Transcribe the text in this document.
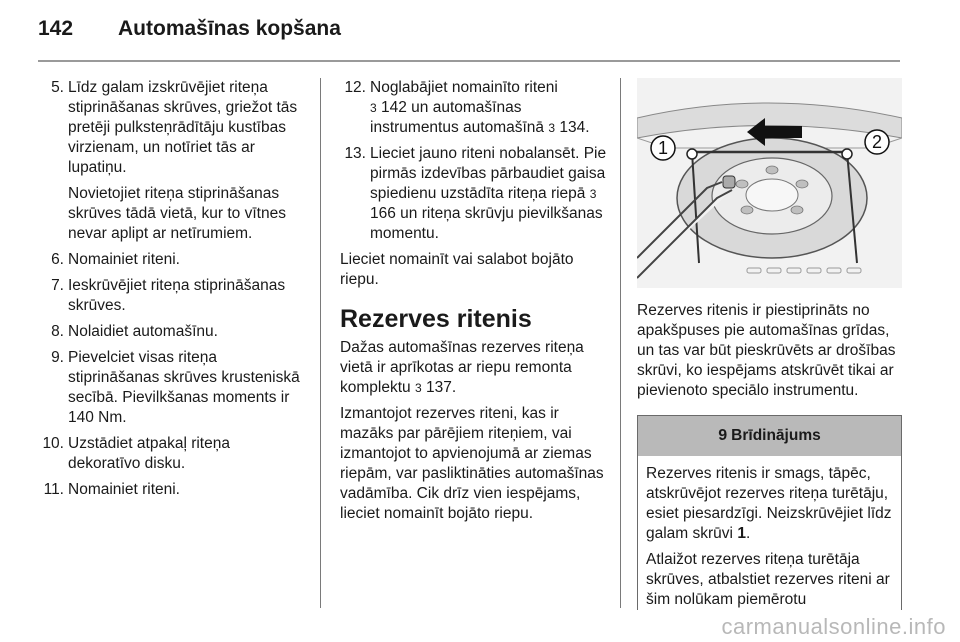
142 Automašīnas kopšana
5. Līdz galam izskrūvējiet riteņa stiprināšanas skrūves, griežot tās pretēji pulksteņrādītāju kustības virzienam, un notīriet tās ar lupatiņu.
Novietojiet riteņa stiprināšanas skrūves tādā vietā, kur to vītnes nevar aplipt ar netīrumiem.
6. Nomainiet riteni.
7. Ieskrūvējiet riteņa stiprināšanas skrūves.
8. Nolaidiet automašīnu.
9. Pievelciet visas riteņa stiprināšanas skrūves krusteniskā secībā. Pievilkšanas moments ir 140 Nm.
10. Uzstādiet atpakaļ riteņa dekoratīvo disku.
11. Nomainiet riteni.
12. Noglabājiet nomainīto riteni
3 142 un automašīnas instrumentus automašīnā 3 134.
13. Lieciet jauno riteni nobalansēt. Pie pirmās izdevības pārbaudiet gaisa spiedienu uzstādīta riteņa riepā 3 166 un riteņa skrūvju pievilkšanas momentu.

Lieciet nomainīt vai salabot bojāto riepu.

Rezerves ritenis

Dažas automašīnas rezerves riteņa vietā ir aprīkotas ar riepu remonta komplektu 3 137.

Izmantojot rezerves riteni, kas ir mazāks par pārējiem riteņiem, vai izmantojot to apvienojumā ar ziemas riepām, var pasliktināties automašīnas vadāmība. Cik drīz vien iespējams, lieciet nomainīt bojāto riepu.

1	2
Rezerves ritenis ir piestiprināts no apakšpuses pie automašīnas grīdas, un tas var būt pieskrūvēts ar drošības skrūvi, ko iespējams atskrūvēt tikai ar pievienoto speciālo instrumentu.
9 Brīdinājums

Rezerves ritenis ir smags, tāpēc, atskrūvējot rezerves riteņa turētāju, esiet piesardzīgi. Neizskrūvējiet līdz galam skrūvi 1.

Atlaižot rezerves riteņa turētāja skrūves, atbalstiet rezerves riteni ar šim nolūkam piemērotu

carmanualsonline.info
